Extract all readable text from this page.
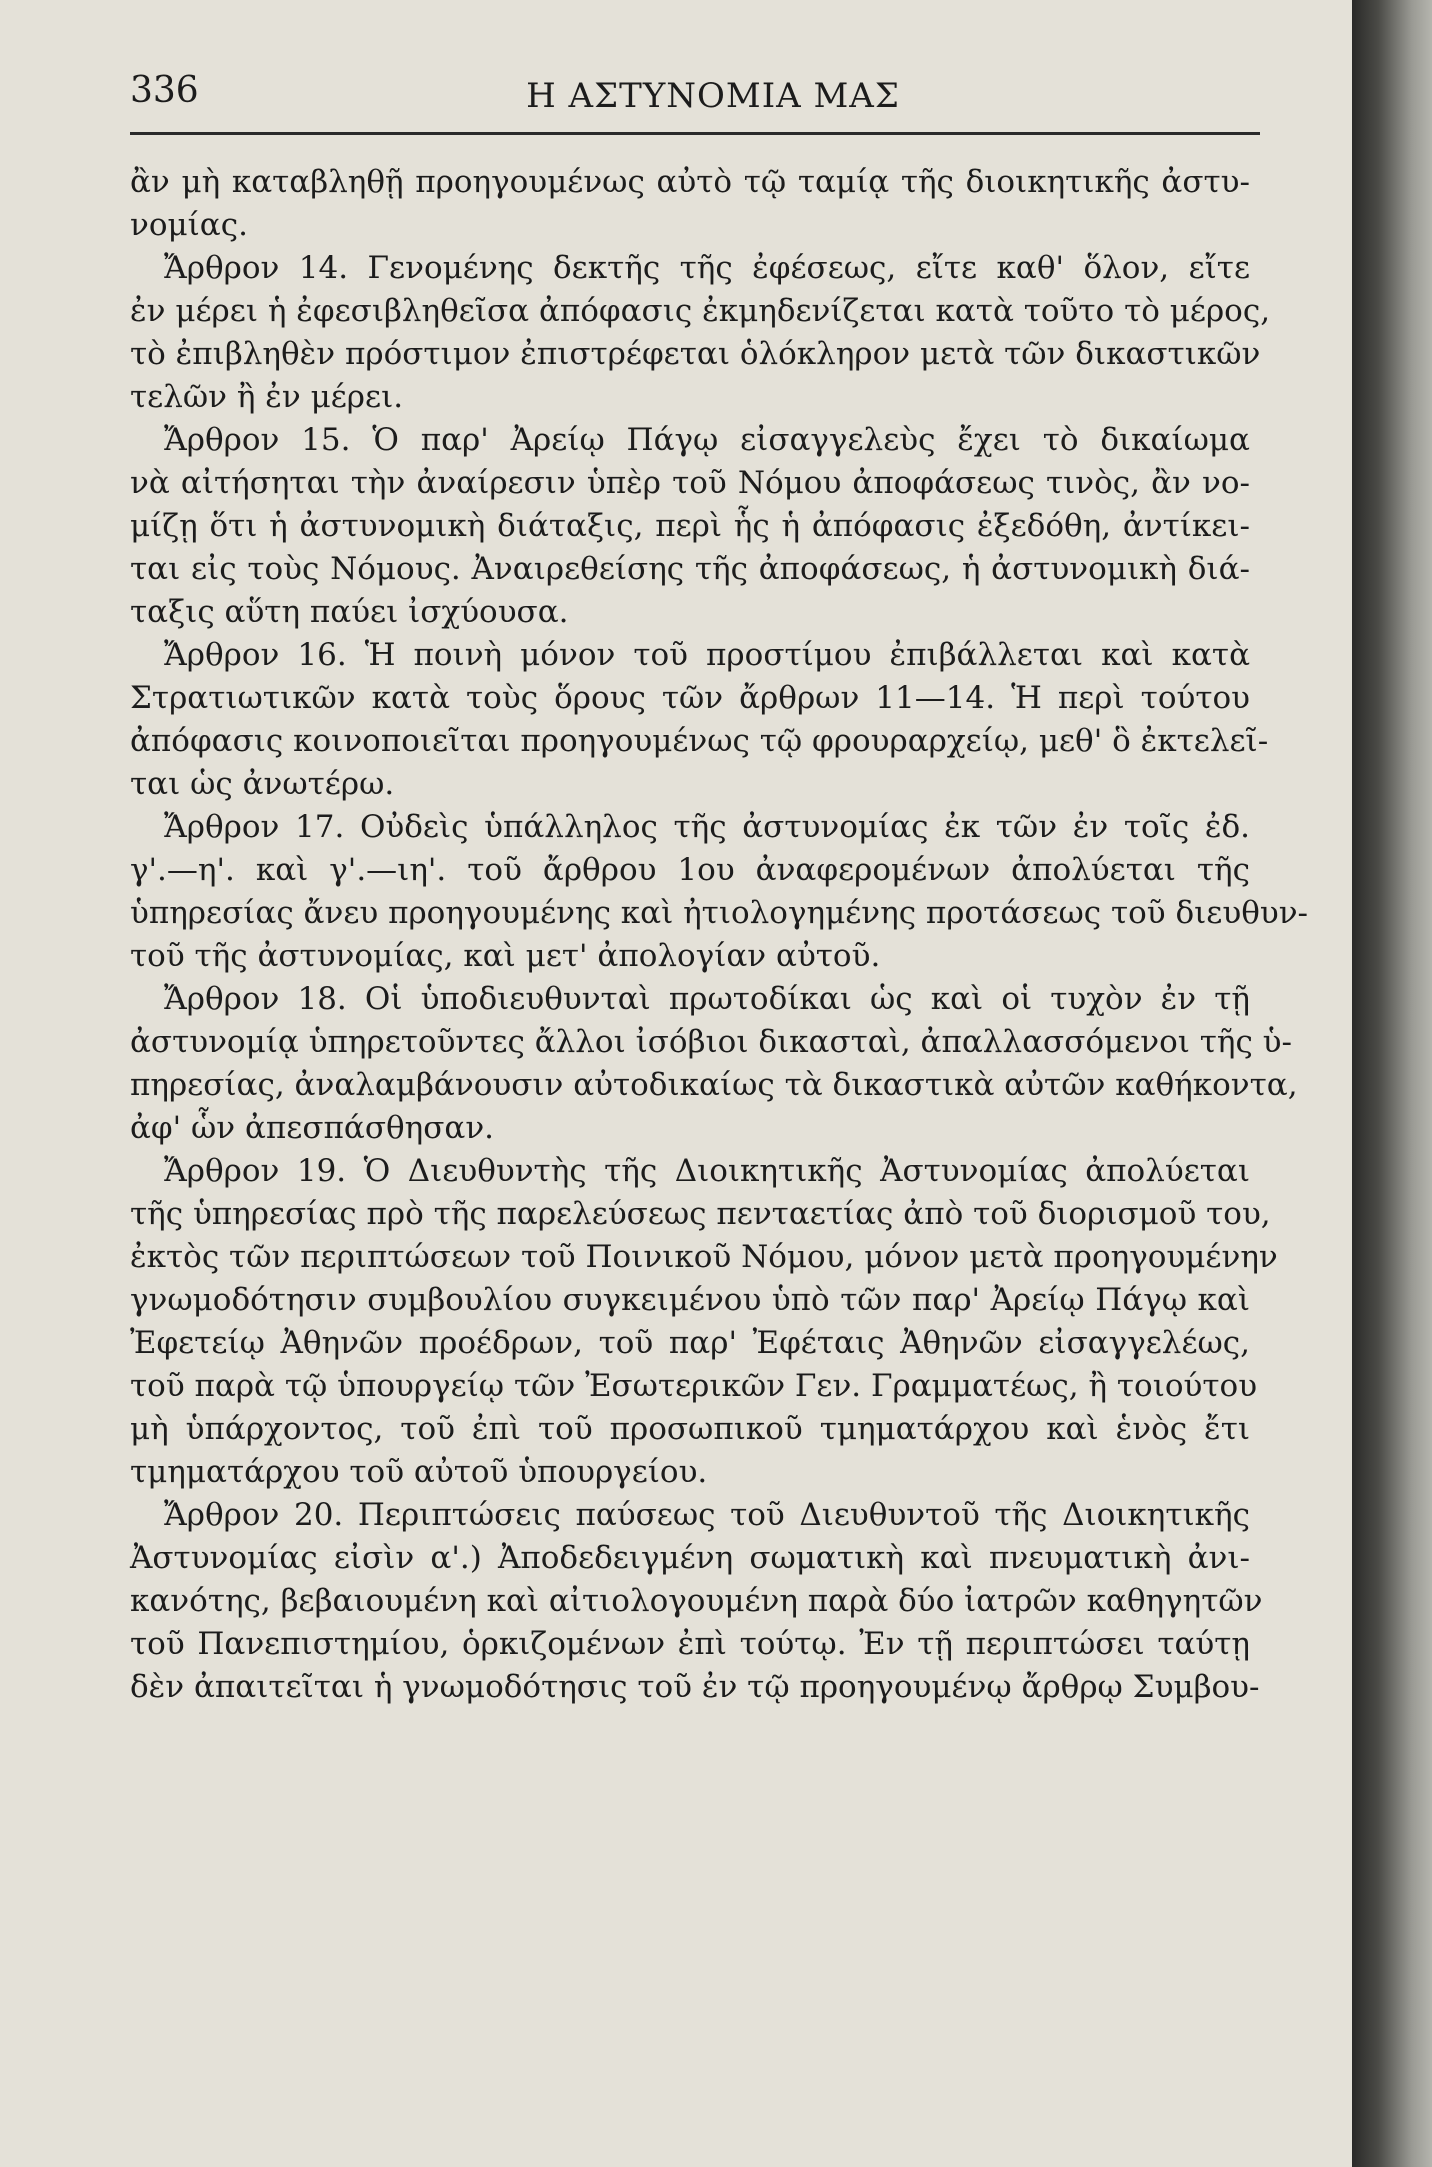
336	Η ΑΣΤΥΝΟΜΙΑ ΜΑΣ
ἂν μὴ καταβληθῇ προηγουμένως αὐτὸ τῷ ταμίᾳ τῆς διοικητικῆς ἀστυ-
νομίας.
Ἄρθρον 14. Γενομένης δεκτῆς τῆς ἐφέσεως, εἴτε καθ' ὅλον, εἴτε
ἐν μέρει ἡ ἐφεσιβληθεῖσα ἀπόφασις ἐκμηδενίζεται κατὰ τοῦτο τὸ μέρος,
τὸ ἐπιβληθὲν πρόστιμον ἐπιστρέφεται ὁλόκληρον μετὰ τῶν δικαστικῶν
τελῶν ἢ ἐν μέρει.
Ἄρθρον 15. Ὁ παρ' Ἀρείῳ Πάγῳ εἰσαγγελεὺς ἔχει τὸ δικαίωμα
νὰ αἰτήσηται τὴν ἀναίρεσιν ὑπὲρ τοῦ Νόμου ἀποφάσεως τινὸς, ἂν νο-
μίζῃ ὅτι ἡ ἀστυνομικὴ διάταξις, περὶ ἧς ἡ ἀπόφασις ἐξεδόθη, ἀντίκει-
ται εἰς τοὺς Νόμους. Ἀναιρεθείσης τῆς ἀποφάσεως, ἡ ἀστυνομικὴ διά-
ταξις αὕτη παύει ἰσχύουσα.
Ἄρθρον 16. Ἡ ποινὴ μόνον τοῦ προστίμου ἐπιβάλλεται καὶ κατὰ
Στρατιωτικῶν κατὰ τοὺς ὅρους τῶν ἄρθρων 11—14. Ἡ περὶ τούτου
ἀπόφασις κοινοποιεῖται προηγουμένως τῷ φρουραρχείῳ, μεθ' ὃ ἐκτελεῖ-
ται ὡς ἀνωτέρω.
Ἄρθρον 17. Οὐδεὶς ὑπάλληλος τῆς ἀστυνομίας ἐκ τῶν ἐν τοῖς ἐδ.
γ'.—η'. καὶ γ'.—ιη'. τοῦ ἄρθρου 1ου ἀναφερομένων ἀπολύεται τῆς
ὑπηρεσίας ἄνευ προηγουμένης καὶ ἠτιολογημένης προτάσεως τοῦ διευθυν-
τοῦ τῆς ἀστυνομίας, καὶ μετ' ἀπολογίαν αὐτοῦ.
Ἄρθρον 18. Οἱ ὑποδιευθυνταὶ πρωτοδίκαι ὡς καὶ οἱ τυχὸν ἐν τῇ
ἀστυνομίᾳ ὑπηρετοῦντες ἄλλοι ἰσόβιοι δικασταὶ, ἀπαλλασσόμενοι τῆς ὑ-
πηρεσίας, ἀναλαμβάνουσιν αὐτοδικαίως τὰ δικαστικὰ αὐτῶν καθήκοντα,
ἀφ' ὧν ἀπεσπάσθησαν.
Ἄρθρον 19. Ὁ Διευθυντὴς τῆς Διοικητικῆς Ἀστυνομίας ἀπολύεται
τῆς ὑπηρεσίας πρὸ τῆς παρελεύσεως πενταετίας ἀπὸ τοῦ διορισμοῦ του,
ἐκτὸς τῶν περιπτώσεων τοῦ Ποινικοῦ Νόμου, μόνον μετὰ προηγουμένην
γνωμοδότησιν συμβουλίου συγκειμένου ὑπὸ τῶν παρ' Ἀρείῳ Πάγῳ καὶ
Ἐφετείῳ Ἀθηνῶν προέδρων, τοῦ παρ' Ἐφέταις Ἀθηνῶν εἰσαγγελέως,
τοῦ παρὰ τῷ ὑπουργείῳ τῶν Ἐσωτερικῶν Γεν. Γραμματέως, ἢ τοιούτου
μὴ ὑπάρχοντος, τοῦ ἐπὶ τοῦ προσωπικοῦ τμηματάρχου καὶ ἑνὸς ἔτι
τμηματάρχου τοῦ αὐτοῦ ὑπουργείου.
Ἄρθρον 20. Περιπτώσεις παύσεως τοῦ Διευθυντοῦ τῆς Διοικητικῆς
Ἀστυνομίας εἰσὶν α'.) Ἀποδεδειγμένη σωματικὴ καὶ πνευματικὴ ἀνι-
κανότης, βεβαιουμένη καὶ αἰτιολογουμένη παρὰ δύο ἰατρῶν καθηγητῶν
τοῦ Πανεπιστημίου, ὁρκιζομένων ἐπὶ τούτῳ. Ἐν τῇ περιπτώσει ταύτῃ
δὲν ἀπαιτεῖται ἡ γνωμοδότησις τοῦ ἐν τῷ προηγουμένῳ ἄρθρῳ Συμβου-
